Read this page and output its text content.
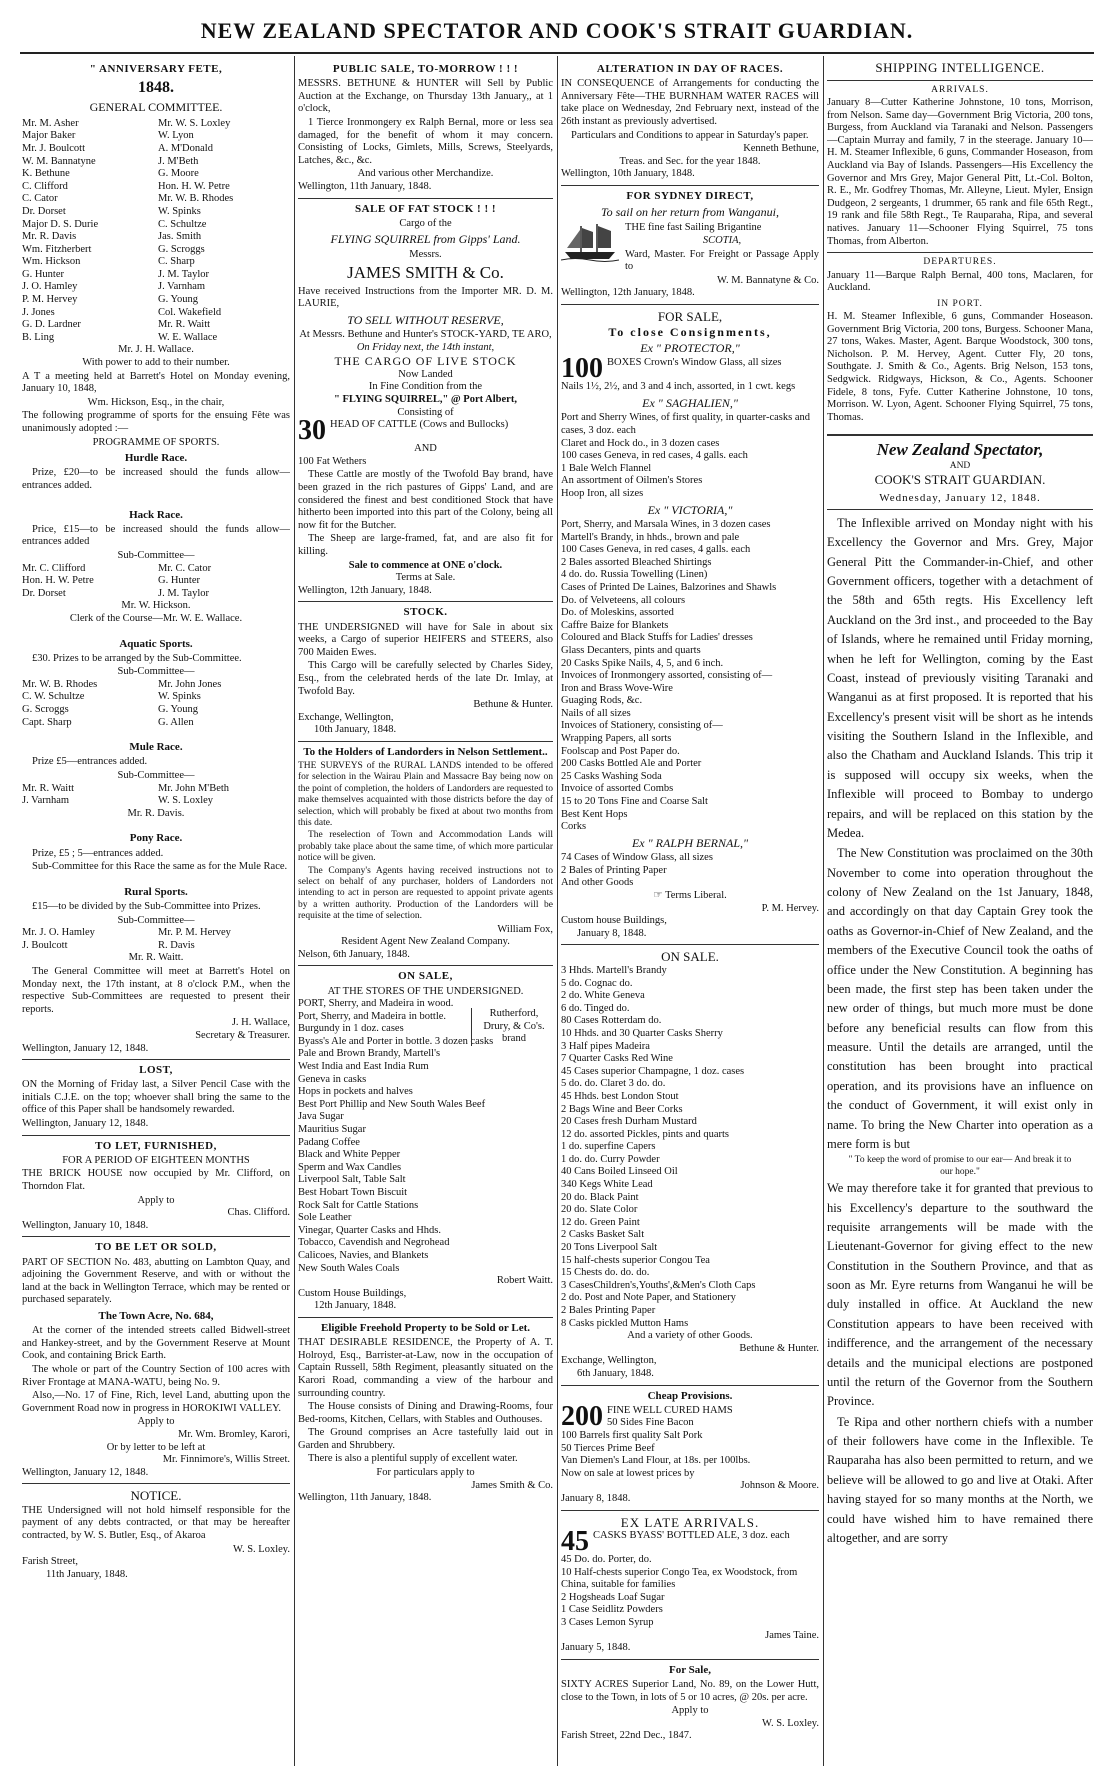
NEW ZEALAND SPECTATOR AND COOK'S STRAIT GUARDIAN.
" ANNIVERSARY FETE,
1848.
GENERAL COMMITTEE.
Mr. M. Asher
Major Baker
Mr. J. Boulcott
W. M. Bannatyne
K. Bethune
C. Clifford
C. Cator
Dr. Dorset
Major D. S. Durie
Mr. R. Davis
Wm. Fitzherbert
Wm. Hickson
G. Hunter
J. O. Hamley
P. M. Hervey
J. Jones
G. D. Lardner
B. Ling
Mr. W. S. Loxley
W. Lyon
A. M'Donald
J. M'Beth
G. Moore
Hon. H. W. Petre
Mr. W. B. Rhodes
W. Spinks
C. Schultze
Jas. Smith
G. Scroggs
C. Sharp
J. M. Taylor
J. Varnham
G. Young
Col. Wakefield
Mr. R. Waitt
W. E. Wallace
Mr. J. H. Wallace.
With power to add to their number.

A T a meeting held at Barrett's Hotel on Monday evening, January 10, 1848,

Wm. Hickson, Esq., in the chair,

The following programme of sports for the ensuing Fête was unanimously adopted :—

PROGRAMME OF SPORTS.
Hurdle Race.

Prize, £20—to be increased should the funds allow—entrances added.

Hack Race.

Price, £15—to be increased should the funds allow—entrances added

Sub-Committee—
Mr. C. Clifford
Hon. H. W. Petre
Dr. Dorset
Mr. C. Cator
G. Hunter
J. M. Taylor
Mr. W. Hickson.
Clerk of the Course—Mr. W. E. Wallace.
Aquatic Sports.

£30. Prizes to be arranged by the Sub-Committee.

Sub-Committee—
Mr. W. B. Rhodes
C. W. Schultze
G. Scroggs
Capt. Sharp
Mr. John Jones
W. Spinks
G. Young
G. Allen
Mule Race.

Prize £5—entrances added.

Sub-Committee—
Mr. R. Waitt
J. Varnham
Mr. John M'Beth
W. S. Loxley
Mr. R. Davis.
Pony Race.

Prize, £5 ; 5—entrances added.

Sub-Committee for this Race the same as for the Mule Race.

Rural Sports.

£15—to be divided by the Sub-Committee into Prizes.

Sub-Committee—
Mr. J. O. Hamley
J. Boulcott
Mr. P. M. Hervey
R. Davis
Mr. R. Waitt.

The General Committee will meet at Barrett's Hotel on Monday next, the 17th instant, at 8 o'clock P.M., when the respective Sub-Committees are requested to present their reports.

J. H. Wallace,
Secretary & Treasurer.
Wellington, January 12, 1848.
LOST,

ON the Morning of Friday last, a Silver Pencil Case with the initials C.J.E. on the top; whoever shall bring the same to the office of this Paper shall be handsomely rewarded.

Wellington, January 12, 1848.
TO LET, FURNISHED,
FOR A PERIOD OF EIGHTEEN MONTHS

THE BRICK HOUSE now occupied by Mr. Clifford, on Thorndon Flat.

Apply to
Chas. Clifford.
Wellington, January 10, 1848.
TO BE LET OR SOLD,

PART OF SECTION No. 483, abutting on Lambton Quay, and adjoining the Government Reserve, and with or without the land at the back in Wellington Terrace, which may be rented or purchased separately.

The Town Acre, No. 684,

At the corner of the intended streets called Bidwell-street and Hankey-street, and by the Government Reserve at Mount Cook, and containing Brick Earth.

The whole or part of the Country Section of 100 acres with River Frontage at MANA-WATU, being No. 9.

Also,—No. 17 of Fine, Rich, level Land, abutting upon the Government Road now in progress in HOROKIWI VALLEY.

Apply to
Mr. Wm. Bromley, Karori,
Or by letter to be left at
Mr. Finnimore's, Willis Street.
Wellington, January 12, 1848.
NOTICE.

THE Undersigned will not hold himself responsible for the payment of any debts contracted, or that may be hereafter contracted, by W. S. Butler, Esq., of Akaroa

W. S. Loxley.
Farish Street,
11th January, 1848.
PUBLIC SALE, TO-MORROW ! ! !

MESSRS. BETHUNE & HUNTER will Sell by Public Auction at the Exchange, on Thursday 13th January,, at 1 o'clock,

1 Tierce Ironmongery ex Ralph Bernal, more or less sea damaged, for the benefit of whom it may concern. Consisting of Locks, Gimlets, Mills, Screws, Steelyards, Latches, &c., &c.

And various other Merchandize.
Wellington, 11th January, 1848.
SALE OF FAT STOCK ! ! !
Cargo of the
FLYING SQUIRREL from Gipps' Land.
Messrs.
JAMES SMITH & Co.

Have received Instructions from the Importer MR. D. M. LAURIE,

TO SELL WITHOUT RESERVE,
At Messrs. Bethune and Hunter's STOCK-YARD, TE ARO,
On Friday next, the 14th instant,
THE CARGO OF LIVE STOCK
Now Landed
In Fine Condition from the
" FLYING SQUIRREL," @ Port Albert,
Consisting of
30 HEAD OF CATTLE (Cows and Bullocks)
AND
100 Fat Wethers

These Cattle are mostly of the Twofold Bay brand, have been grazed in the rich pastures of Gipps' Land, and are considered the finest and best conditioned Stock that have hitherto been imported into this part of the Colony, being all now fit for the Butcher.

The Sheep are large-framed, fat, and are also fit for killing.

Sale to commence at ONE o'clock.
Terms at Sale.
Wellington, 12th January, 1848.
STOCK.

THE UNDERSIGNED will have for Sale in about six weeks, a Cargo of superior HEIFERS and STEERS, also 700 Maiden Ewes.

This Cargo will be carefully selected by Charles Sidey, Esq., from the celebrated herds of the late Dr. Imlay, at Twofold Bay.

Bethune & Hunter.
Exchange, Wellington,
10th January, 1848.
To the Holders of Landorders in Nelson Settlement..

THE SURVEYS of the RURAL LANDS intended to be offered for selection in the Wairau Plain and Massacre Bay being now on the point of completion, the holders of Landorders are requested to make themselves acquainted with those districts before the day of selection, which will probably be fixed at about two months from this date.

The reselection of Town and Accommodation Lands will probably take place about the same time, of which more particular notice will be given.

The Company's Agents having received instructions not to select on behalf of any purchaser, holders of Landorders not intending to act in person are requested to appoint private agents by a written authority. Production of the Landorders will be requisite at the time of selection.

William Fox,
Resident Agent New Zealand Company.
Nelson, 6th January, 1848.
ON SALE,
AT THE STORES OF THE UNDERSIGNED.
Rutherford, Drury, & Co's. brand
PORT, Sherry, and Madeira in wood.
Port, Sherry, and Madeira in bottle.
Burgundy in 1 doz. cases
Byass's Ale and Porter in bottle. 3 dozen casks
Pale and Brown Brandy, Martell's
West India and East India Rum
Geneva in casks
Hops in pockets and halves
Best Port Phillip and New South Wales Beef
Java Sugar
Mauritius Sugar
Padang Coffee
Black and White Pepper
Sperm and Wax Candles
Liverpool Salt, Table Salt
Best Hobart Town Biscuit
Rock Salt for Cattle Stations
Sole Leather
Vinegar, Quarter Casks and Hhds.
Tobacco, Cavendish and Negrohead
Calicoes, Navies, and Blankets
New South Wales Coals
Robert Waitt.
Custom House Buildings,
12th January, 1848.
Eligible Freehold Property to be Sold or Let.

THAT DESIRABLE RESIDENCE, the Property of A. T. Holroyd, Esq., Barrister-at-Law, now in the occupation of Captain Russell, 58th Regiment, pleasantly situated on the Karori Road, commanding a view of the harbour and surrounding country.

The House consists of Dining and Drawing-Rooms, four Bed-rooms, Kitchen, Cellars, with Stables and Outhouses.

The Ground comprises an Acre tastefully laid out in Garden and Shrubbery.

There is also a plentiful supply of excellent water.

For particulars apply to
James Smith & Co.
Wellington, 11th January, 1848.
ALTERATION IN DAY OF RACES.

IN CONSEQUENCE of Arrangements for conducting the Anniversary Fête—THE BURNHAM WATER RACES will take place on Wednesday, 2nd February next, instead of the 26th instant as previously advertised.

Particulars and Conditions to appear in Saturday's paper.

Kenneth Bethune,
Treas. and Sec. for the year 1848.
Wellington, 10th January, 1848.
FOR SYDNEY DIRECT,
To sail on her return from Wanganui,

THE fine fast Sailing Brigantine

SCOTIA,

Ward, Master. For Freight or Passage Apply to

W. M. Bannatyne & Co.
Wellington, 12th January, 1848.
FOR SALE,
To close Consignments,
Ex " PROTECTOR,"
100 BOXES Crown's Window Glass, all sizes
Nails 1½, 2½, and 3 and 4 inch, assorted, in 1 cwt. kegs
Ex " SAGHALIEN,"
Port and Sherry Wines, of first quality, in quarter-casks and cases, 3 doz. each
Claret and Hock do., in 3 dozen cases
100 cases Geneva, in red cases, 4 galls. each
1 Bale Welch Flannel
An assortment of Oilmen's Stores
Hoop Iron, all sizes
Ex " VICTORIA,"
Port, Sherry, and Marsala Wines, in 3 dozen cases
Martell's Brandy, in hhds., brown and pale
100 Cases Geneva, in red cases, 4 galls. each
2 Bales assorted Bleached Shirtings
4 do. do. Russia Towelling (Linen)
Cases of Printed De Laines, Balzorines and Shawls
Do. of Velveteens, all colours
Do. of Moleskins, assorted
Caffre Baize for Blankets
Coloured and Black Stuffs for Ladies' dresses
Glass Decanters, pints and quarts
20 Casks Spike Nails, 4, 5, and 6 inch.
Invoices of Ironmongery assorted, consisting of—
Iron and Brass Wove-Wire
Guaging Rods, &c.
Nails of all sizes
Invoices of Stationery, consisting of—
Wrapping Papers, all sorts
Foolscap and Post Paper do.
200 Casks Bottled Ale and Porter
25 Casks Washing Soda
Invoice of assorted Combs
15 to 20 Tons Fine and Coarse Salt
Best Kent Hops
Corks
Ex " RALPH BERNAL,"
74 Cases of Window Glass, all sizes
2 Bales of Printing Paper
And other Goods
☞ Terms Liberal.
P. M. Hervey.
Custom house Buildings,
January 8, 1848.
ON SALE.
3 Hhds. Martell's Brandy
5 do. Cognac do.
2 do. White Geneva
6 do. Tinged do.
80 Cases Rotterdam do.
10 Hhds. and 30 Quarter Casks Sherry
3 Half pipes Madeira
7 Quarter Casks Red Wine
45 Cases superior Champagne, 1 doz. cases
5 do. do. Claret 3 do. do.
45 Hhds. best London Stout
2 Bags Wine and Beer Corks
20 Cases fresh Durham Mustard
12 do. assorted Pickles, pints and quarts
1 do. superfine Capers
1 do. do. Curry Powder
40 Cans Boiled Linseed Oil
340 Kegs White Lead
20 do. Black Paint
20 do. Slate Color
12 do. Green Paint
2 Casks Basket Salt
20 Tons Liverpool Salt
15 half-chests superior Congou Tea
15 Chests do. do. do.
3 CasesChildren's,Youths',&Men's Cloth Caps
2 do. Post and Note Paper, and Stationery
2 Bales Printing Paper
8 Casks pickled Mutton Hams
And a variety of other Goods.
Bethune & Hunter.
Exchange, Wellington,
6th January, 1848.
Cheap Provisions.
200 FINE WELL CURED HAMS
50 Sides Fine Bacon
100 Barrels first quality Salt Pork
50 Tierces Prime Beef
Van Diemen's Land Flour, at 18s. per 100lbs.
Now on sale at lowest prices by
Johnson & Moore.
January 8, 1848.
EX LATE ARRIVALS.
45 CASKS BYASS' BOTTLED ALE, 3 doz. each
45 Do. do. Porter, do.
10 Half-chests superior Congo Tea, ex Woodstock, from China, suitable for families
2 Hogsheads Loaf Sugar
1 Case Seidlitz Powders
3 Cases Lemon Syrup
James Taine.
January 5, 1848.
For Sale,

SIXTY ACRES Superior Land, No. 89, on the Lower Hutt, close to the Town, in lots of 5 or 10 acres, @ 20s. per acre.

Apply to
W. S. Loxley.
Farish Street, 22nd Dec., 1847.
SHIPPING INTELLIGENCE.
ARRIVALS.

January 8—Cutter Katherine Johnstone, 10 tons, Morrison, from Nelson. Same day—Government Brig Victoria, 200 tons, Burgess, from Auckland via Taranaki and Nelson. Passengers—Captain Murray and family, 7 in the steerage. January 10—H. M. Steamer Inflexible, 6 guns, Commander Hoseason, from Auckland via Bay of Islands. Passengers—His Excellency the Governor and Mrs Grey, Major General Pitt, Lt.-Col. Bolton, R. E., Mr. Godfrey Thomas, Mr. Alleyne, Lieut. Myler, Ensign Dudgeon, 2 sergeants, 1 drummer, 65 rank and file 65th Regt., 19 rank and file 58th Regt., Te Rauparaha, Ripa, and several natives. January 11—Schooner Flying Squirrel, 75 tons Thomas, from Alberton.

DEPARTURES.

January 11—Barque Ralph Bernal, 400 tons, Maclaren, for Auckland.

IN PORT.

H. M. Steamer Inflexible, 6 guns, Commander Hoseason. Government Brig Victoria, 200 tons, Burgess. Schooner Mana, 27 tons, Wakes. Master, Agent. Barque Woodstock, 300 tons, Nicholson. P. M. Hervey, Agent. Cutter Fly, 20 tons, Southgate. J. Smith & Co., Agents. Brig Nelson, 153 tons, Sedgwick. Ridgways, Hickson, & Co., Agents. Schooner Fidele, 8 tons, Fyfe. Cutter Katherine Johnstone, 10 tons, Morrison. W. Lyon, Agent. Schooner Flying Squirrel, 75 tons, Thomas.

New Zealand Spectator,
AND
COOK'S STRAIT GUARDIAN.
Wednesday, January 12, 1848.

The Inflexible arrived on Monday night with his Excellency the Governor and Mrs. Grey, Major General Pitt the Commander-in-Chief, and other Government officers, together with a detachment of the 58th and 65th regts. His Excellency left Auckland on the 3rd inst., and proceeded to the Bay of Islands, where he remained until Friday morning, when he left for Wellington, coming by the East Coast, instead of previously visiting Taranaki and Wanganui as at first proposed. It is reported that his Excellency's present visit will be short as he intends visiting the Southern Island in the Inflexible, and also the Chatham and Auckland Islands. This trip it is supposed will occupy six weeks, when the Inflexible will proceed to Bombay to undergo repairs, and will be replaced on this station by the Medea.

The New Constitution was proclaimed on the 30th November to come into operation throughout the colony of New Zealand on the 1st January, 1848, and accordingly on that day Captain Grey took the oaths as Governor-in-Chief of New Zealand, and the members of the Executive Council took the oaths of office under the New Constitution. A beginning has been made, the first step has been taken under the new order of things, but much more must be done before any beneficial results can flow from this measure. Until the details are arranged, until the constitution has been brought into practical operation, and its provisions have an influence on the conduct of Government, it will exist only in name. To bring the New Charter into operation as a mere form is but

" To keep the word of promise to our ear— And break it to our hope."

We may therefore take it for granted that previous to his Excellency's departure to the southward the requisite arrangements will be made with the Lieutenant-Governor for giving effect to the new Constitution in the Southern Province, and that as soon as Mr. Eyre returns from Wanganui he will be duly installed in office. At Auckland the new Constitution appears to have been received with indifference, and the arrangement of the necessary details and the municipal elections are postponed until the return of the Governor from the Southern Province.

Te Ripa and other northern chiefs with a number of their followers have come in the Inflexible. Te Rauparaha has also been permitted to return, and we believe will be allowed to go and live at Otaki. After having stayed for so many months at the North, we could have wished him to have remained there altogether, and are sorry
